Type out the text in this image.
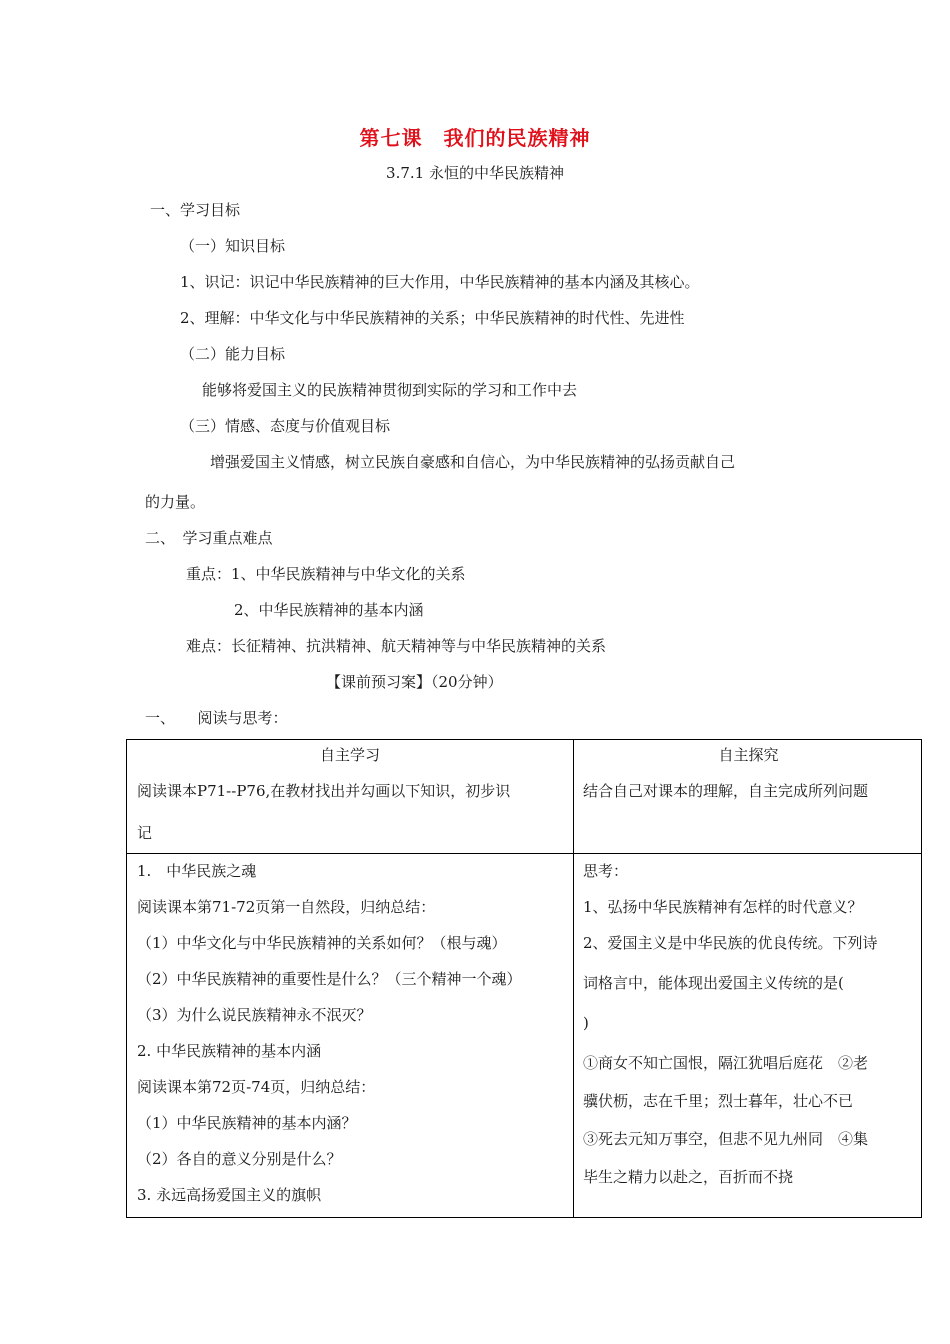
第七课　我们的民族精神
3.7.1 永恒的中华民族精神
一、学习目标
（一）知识目标
1、识记：识记中华民族精神的巨大作用，中华民族精神的基本内涵及其核心。
2、理解：中华文化与中华民族精神的关系；中华民族精神的时代性、先进性
（二）能力目标
能够将爱国主义的民族精神贯彻到实际的学习和工作中去
（三）情感、态度与价值观目标
增强爱国主义情感，树立民族自豪感和自信心，为中华民族精神的弘扬贡献自己
的力量。
二、　学习重点难点
重点：1、中华民族精神与中华文化的关系
2、中华民族精神的基本内涵
难点：长征精神、抗洪精神、航天精神等与中华民族精神的关系
【课前预习案】（20分钟）
一、　　阅读与思考：
自主学习
阅读课本P71--P76,在教材找出并勾画以下知识，初步识
记
自主探究
结合自己对课本的理解，自主完成所列问题
1.　中华民族之魂
阅读课本第71-72页第一自然段，归纳总结：
（1）中华文化与中华民族精神的关系如何？（根与魂）
（2）中华民族精神的重要性是什么？（三个精神一个魂）
（3）为什么说民族精神永不泯灭？
2. 中华民族精神的基本内涵
阅读课本第72页-74页，归纳总结：
（1）中华民族精神的基本内涵？
（2）各自的意义分别是什么？
3. 永远高扬爱国主义的旗帜
思考：
1、弘扬中华民族精神有怎样的时代意义？
2、爱国主义是中华民族的优良传统。下列诗
词格言中，能体现出爱国主义传统的是(
)
①商女不知亡国恨，隔江犹唱后庭花　②老
骥伏枥，志在千里；烈士暮年，壮心不已
③死去元知万事空，但悲不见九州同　④集
毕生之精力以赴之，百折而不挠
